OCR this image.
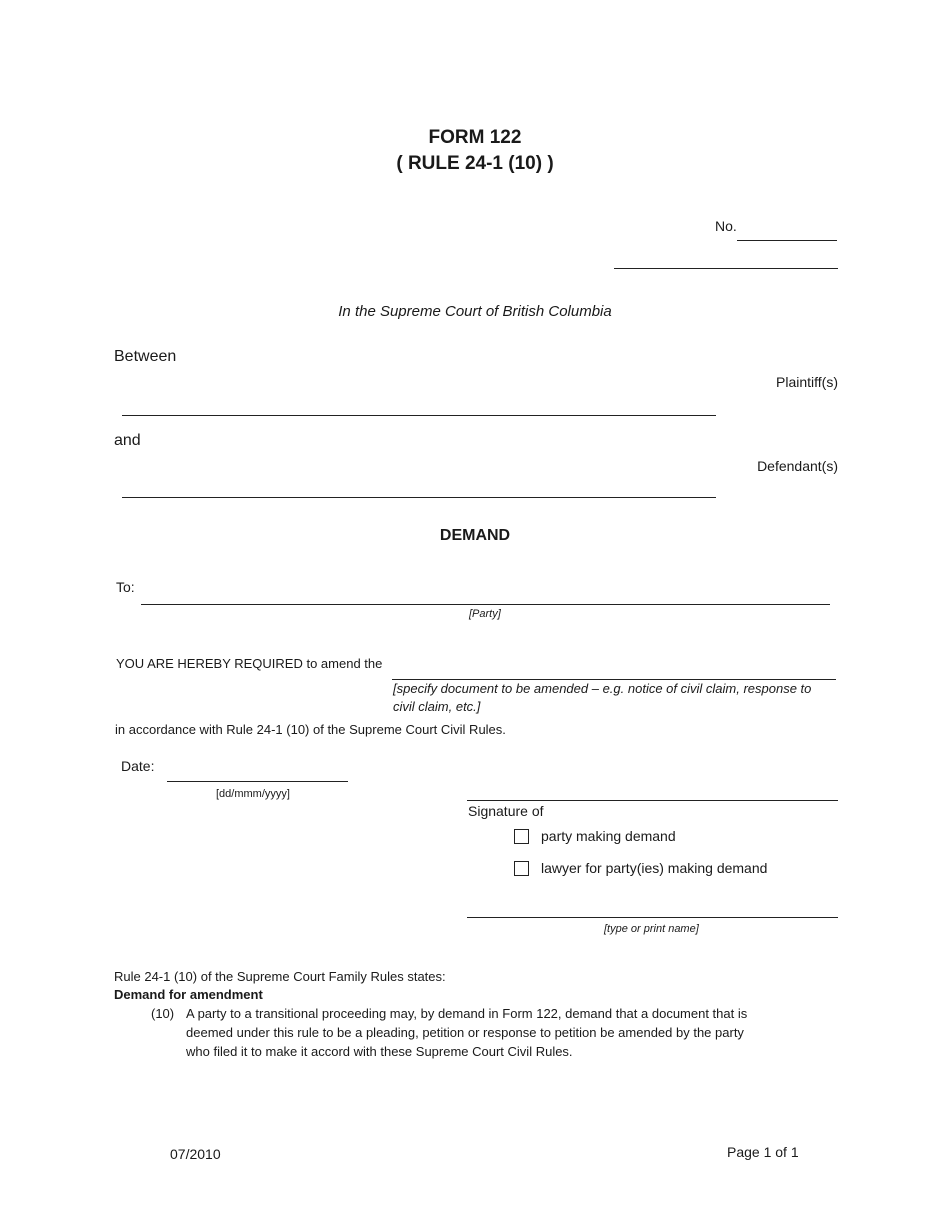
FORM 122
( RULE 24-1 (10) )
No.
In the Supreme Court of British Columbia
Between
Plaintiff(s)
and
Defendant(s)
DEMAND
To:
[Party]
YOU ARE HEREBY REQUIRED to amend the
[specify document to be amended – e.g. notice of civil claim, response to
civil claim, etc.]
in accordance with Rule 24-1 (10) of the Supreme Court Civil Rules.
Date:
[dd/mmm/yyyy]
Signature of
party making demand
lawyer for party(ies) making demand
[type or print name]
Rule 24-1 (10) of the Supreme Court Family Rules states:
Demand for amendment
(10) A party to a transitional proceeding may, by demand in Form 122, demand that a document that is
deemed under this rule to be a pleading, petition or response to petition be amended by the party
who filed it to make it accord with these Supreme Court Civil Rules.
07/2010	Page 1 of 1
